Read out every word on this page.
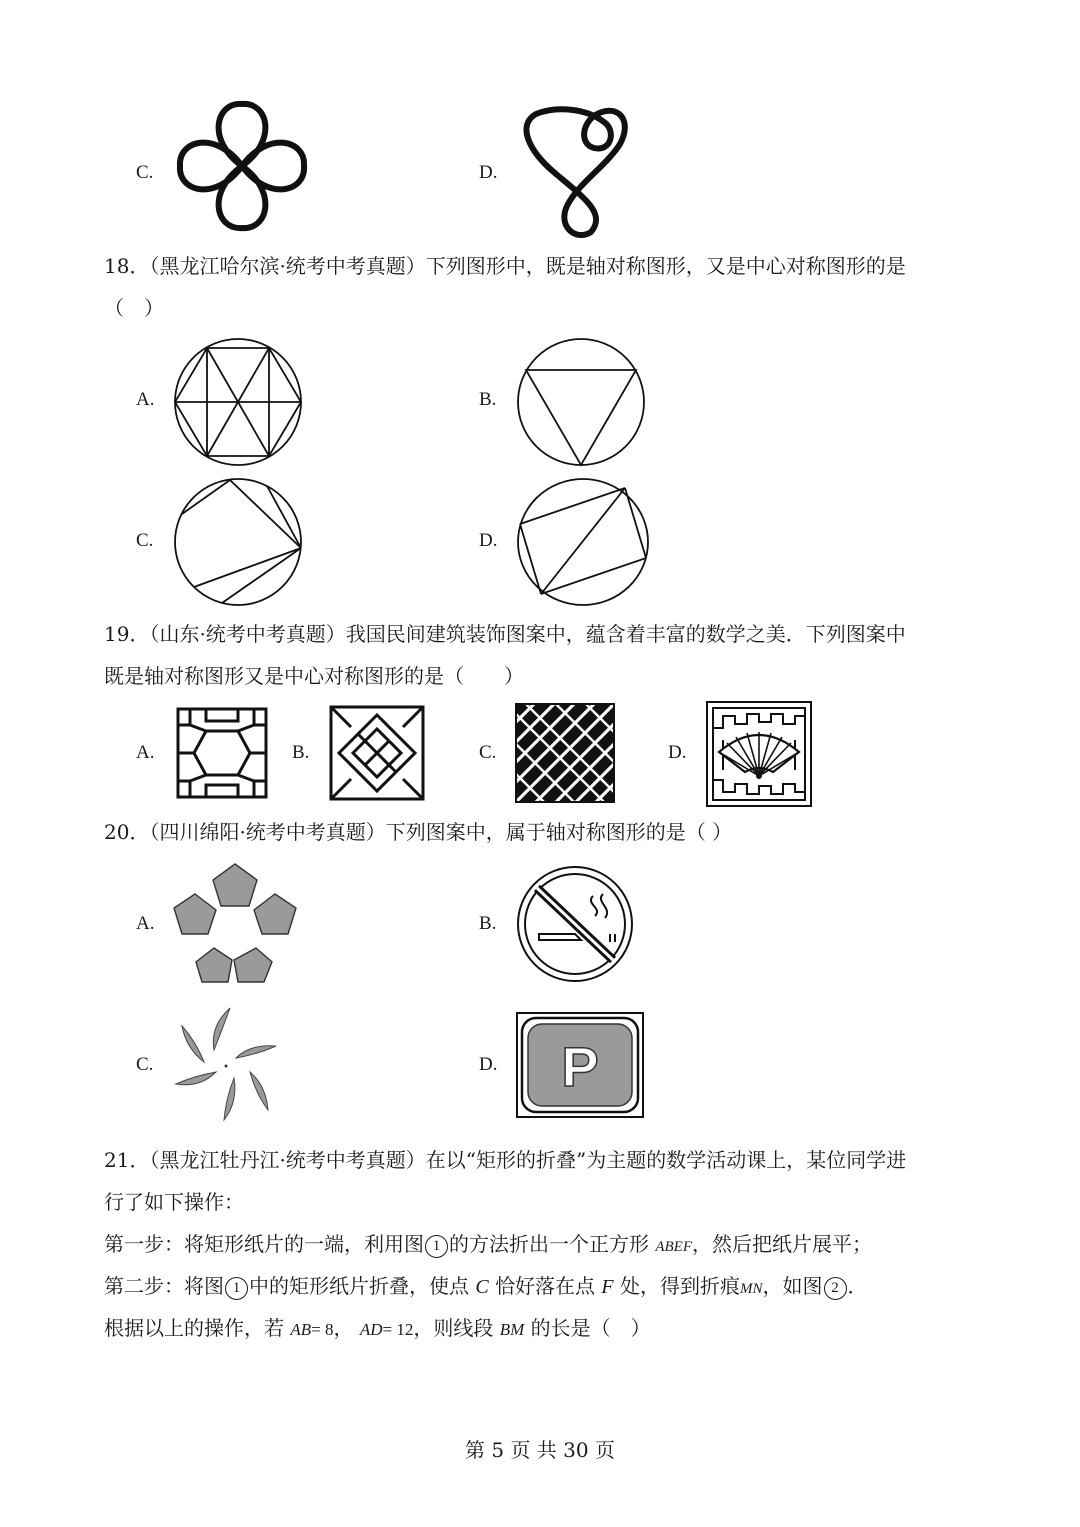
C.	D.
18．（黑龙江哈尔滨·统考中考真题）下列图形中，既是轴对称图形，又是中心对称图形的是
（　）
A.	B.
C.	D.
19．（山东·统考中考真题）我国民间建筑装饰图案中，蕴含着丰富的数学之美．下列图案中
既是轴对称图形又是中心对称图形的是（　　）
A.	B.	C.	D.
20．（四川绵阳·统考中考真题）下列图案中，属于轴对称图形的是（ ）
A.	B.
C.	D. P
21．（黑龙江牡丹江·统考中考真题）在以“矩形的折叠”为主题的数学活动课上，某位同学进
行了如下操作：
第一步：将矩形纸片的一端，利用图 1 的方法折出一个正方形 ABEF，然后把纸片展平；
第二步：将图 1 中的矩形纸片折叠，使点 C 恰好落在点 F 处，得到折痕MN，如图 2 ．
根据以上的操作，若 AB= 8， AD= 12，则线段 BM 的长是（　）
第 5 页 共 30 页
